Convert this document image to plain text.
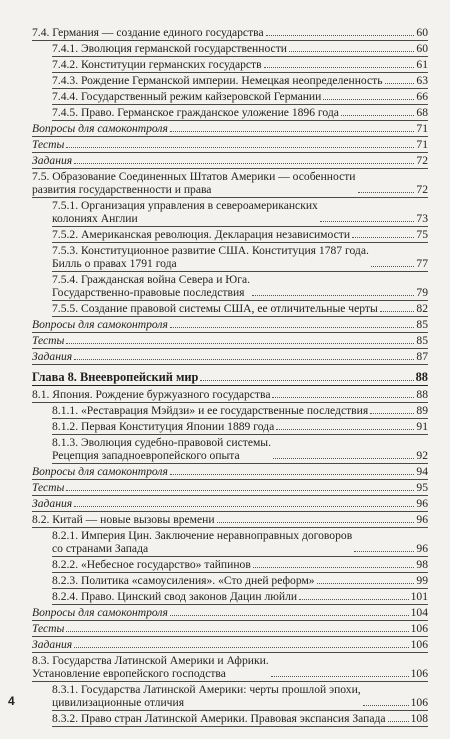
7.4. Германия — создание единого государства	60
7.4.1. Эволюция германской государственности	60
7.4.2. Конституции германских государств	61
7.4.3. Рождение Германской империи. Немецкая неопределенность	63
7.4.4. Государственный режим кайзеровской Германии	66
7.4.5. Право. Германское гражданское уложение 1896 года	68
Вопросы для самоконтроля	71
Тесты	71
Задания	72
7.5. Образование Соединенных Штатов Америки — особенности
развития государственности и права	72
7.5.1. Организация управления в североамериканских
колониях Англии	73
7.5.2. Американская революция. Декларация независимости	75
7.5.3. Конституционное развитие США. Конституция 1787 года.
Билль о правах 1791 года	77
7.5.4. Гражданская война Севера и Юга.
Государственно-правовые последствия	79
7.5.5. Создание правовой системы США, ее отличительные черты	82
Вопросы для самоконтроля	85
Тесты	85
Задания	87
Глава 8. Внеевропейский мир	88
8.1. Япония. Рождение буржуазного государства	88
8.1.1. «Реставрация Мэйдзи» и ее государственные последствия	89
8.1.2. Первая Конституция Японии 1889 года	91
8.1.3. Эволюция судебно-правовой системы.
Рецепция западноевропейского опыта	92
Вопросы для самоконтроля	94
Тесты	95
Задания	96
8.2. Китай — новые вызовы времени	96
8.2.1. Империя Цин. Заключение неравноправных договоров
со странами Запада	96
8.2.2. «Небесное государство» тайпинов	98
8.2.3. Политика «самоусиления». «Сто дней реформ»	99
8.2.4. Право. Цинский свод законов Дацин люйли	101
Вопросы для самоконтроля	104
Тесты	106
Задания	106
8.3. Государства Латинской Америки и Африки.
Установление европейского господства	106
8.3.1. Государства Латинской Америки: черты прошлой эпохи,
цивилизационные отличия	106
8.3.2. Право стран Латинской Америки. Правовая экспансия Запада 108
4
